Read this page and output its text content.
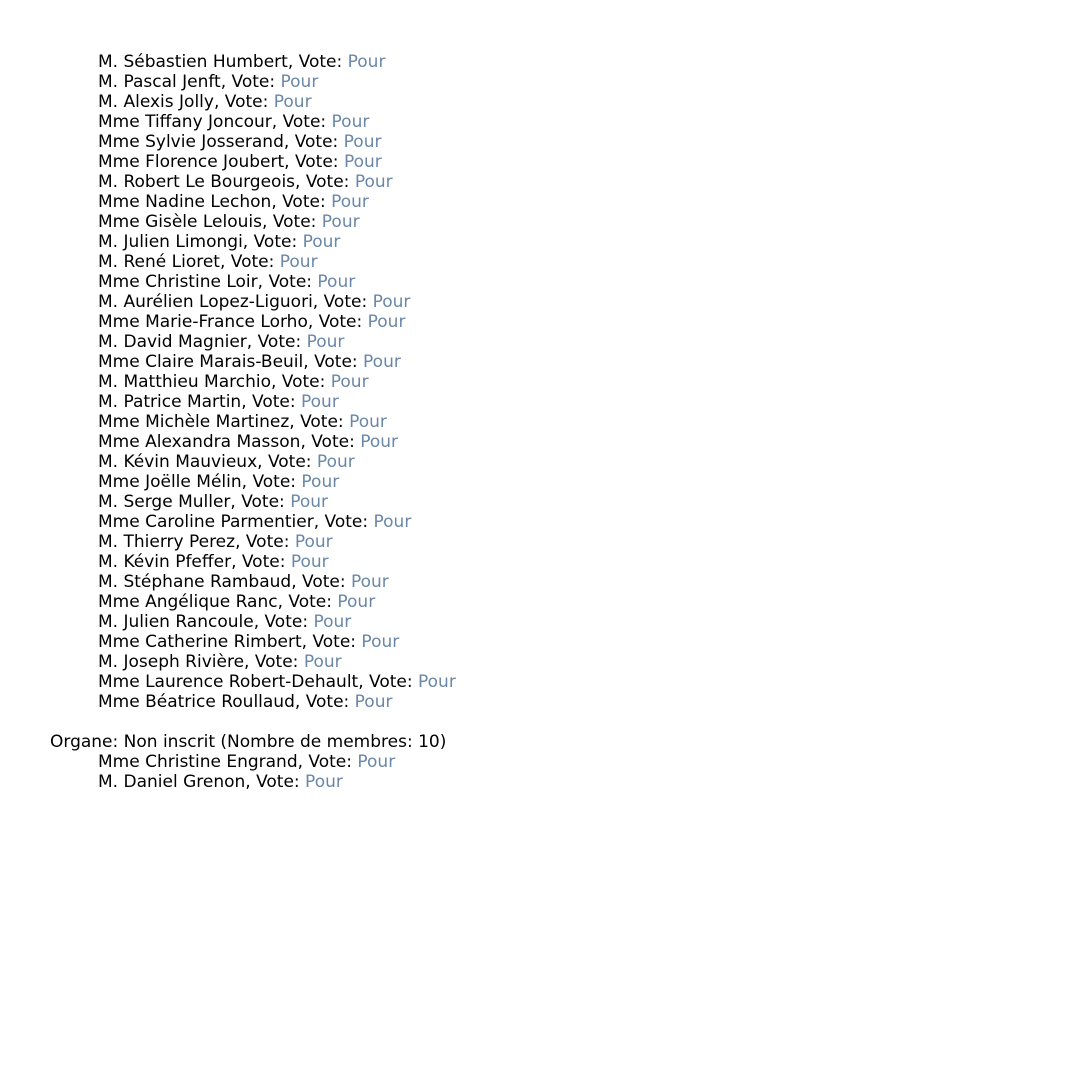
M. Sébastien Humbert, Vote: Pour
M. Pascal Jenft, Vote: Pour
M. Alexis Jolly, Vote: Pour
Mme Tiffany Joncour, Vote: Pour
Mme Sylvie Josserand, Vote: Pour
Mme Florence Joubert, Vote: Pour
M. Robert Le Bourgeois, Vote: Pour
Mme Nadine Lechon, Vote: Pour
Mme Gisèle Lelouis, Vote: Pour
M. Julien Limongi, Vote: Pour
M. René Lioret, Vote: Pour
Mme Christine Loir, Vote: Pour
M. Aurélien Lopez-Liguori, Vote: Pour
Mme Marie-France Lorho, Vote: Pour
M. David Magnier, Vote: Pour
Mme Claire Marais-Beuil, Vote: Pour
M. Matthieu Marchio, Vote: Pour
M. Patrice Martin, Vote: Pour
Mme Michèle Martinez, Vote: Pour
Mme Alexandra Masson, Vote: Pour
M. Kévin Mauvieux, Vote: Pour
Mme Joëlle Mélin, Vote: Pour
M. Serge Muller, Vote: Pour
Mme Caroline Parmentier, Vote: Pour
M. Thierry Perez, Vote: Pour
M. Kévin Pfeffer, Vote: Pour
M. Stéphane Rambaud, Vote: Pour
Mme Angélique Ranc, Vote: Pour
M. Julien Rancoule, Vote: Pour
Mme Catherine Rimbert, Vote: Pour
M. Joseph Rivière, Vote: Pour
Mme Laurence Robert-Dehault, Vote: Pour
Mme Béatrice Roullaud, Vote: Pour
Organe: Non inscrit (Nombre de membres: 10)
Mme Christine Engrand, Vote: Pour
M. Daniel Grenon, Vote: Pour
